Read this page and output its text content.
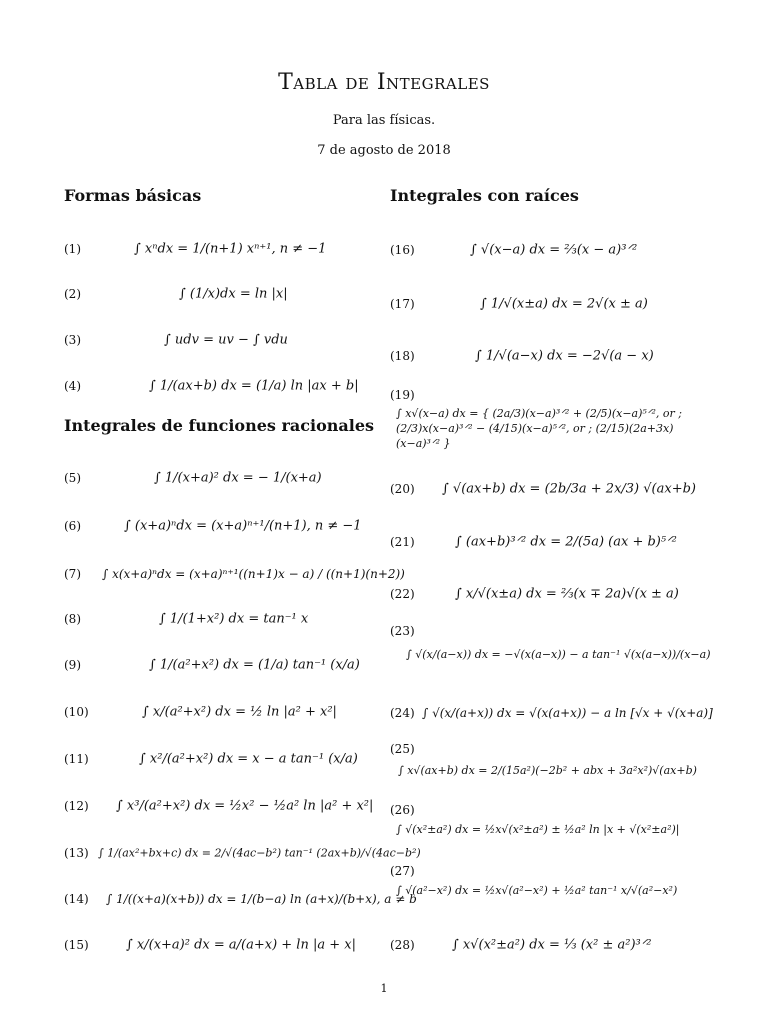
Tabla de Integrales
Para las físicas.
7 de agosto de 2018
Formas básicas
(1)	∫ xⁿdx = 1/(n+1) xⁿ⁺¹, n ≠ −1
(2)	∫ (1/x)dx = ln |x|
(3)	∫ udv = uv − ∫ vdu
(4)	∫ 1/(ax+b) dx = (1/a) ln |ax + b|
Integrales de funciones racionales
(5)	∫ 1/(x+a)² dx = − 1/(x+a)
(6)	∫ (x+a)ⁿdx = (x+a)ⁿ⁺¹/(n+1), n ≠ −1
(7) ∫ x(x+a)ⁿdx = (x+a)ⁿ⁺¹((n+1)x − a) / ((n+1)(n+2))
(8)	∫ 1/(1+x²) dx = tan⁻¹ x
(9)	∫ 1/(a²+x²) dx = (1/a) tan⁻¹ (x/a)
(10)	∫ x/(a²+x²) dx = ½ ln |a² + x²|
(11)	∫ x²/(a²+x²) dx = x − a tan⁻¹ (x/a)
(12) ∫ x³/(a²+x²) dx = ½x² − ½a² ln |a² + x²|
(13) ∫ 1/(ax²+bx+c) dx = 2/√(4ac−b²) tan⁻¹ (2ax+b)/√(4ac−b²)
(14) ∫ 1/((x+a)(x+b)) dx = 1/(b−a) ln (a+x)/(b+x), a ≠ b
(15)	∫ x/(x+a)² dx = a/(a+x) + ln |a + x|
Integrales con raíces
(16)	∫ √(x−a) dx = ⅔(x − a)³ᐟ²
(17)	∫ 1/√(x±a) dx = 2√(x ± a)
(18)	∫ 1/√(a−x) dx = −2√(a − x)
(19)
∫ x√(x−a) dx = { (2a/3)(x−a)³ᐟ² + (2/5)(x−a)⁵ᐟ², or ; (2/3)x(x−a)³ᐟ² − (4/15)(x−a)⁵ᐟ², or ; (2/15)(2a+3x)(x−a)³ᐟ² }
(20) ∫ √(ax+b) dx = (2b/3a + 2x/3) √(ax+b)
(21)	∫ (ax+b)³ᐟ² dx = 2/(5a) (ax + b)⁵ᐟ²
(22)	∫ x/√(x±a) dx = ⅔(x ∓ 2a)√(x ± a)
(23)
∫ √(x/(a−x)) dx = −√(x(a−x)) − a tan⁻¹ √(x(a−x))/(x−a)
(24) ∫ √(x/(a+x)) dx = √(x(a+x)) − a ln [√x + √(x+a)]
(25)
∫ x√(ax+b) dx = 2/(15a²)(−2b² + abx + 3a²x²)√(ax+b)
(26)
∫ √(x²±a²) dx = ½x√(x²±a²) ± ½a² ln |x + √(x²±a²)|
(27)
∫ √(a²−x²) dx = ½x√(a²−x²) + ½a² tan⁻¹ x/√(a²−x²)
(28)	∫ x√(x²±a²) dx = ⅓ (x² ± a²)³ᐟ²
1
